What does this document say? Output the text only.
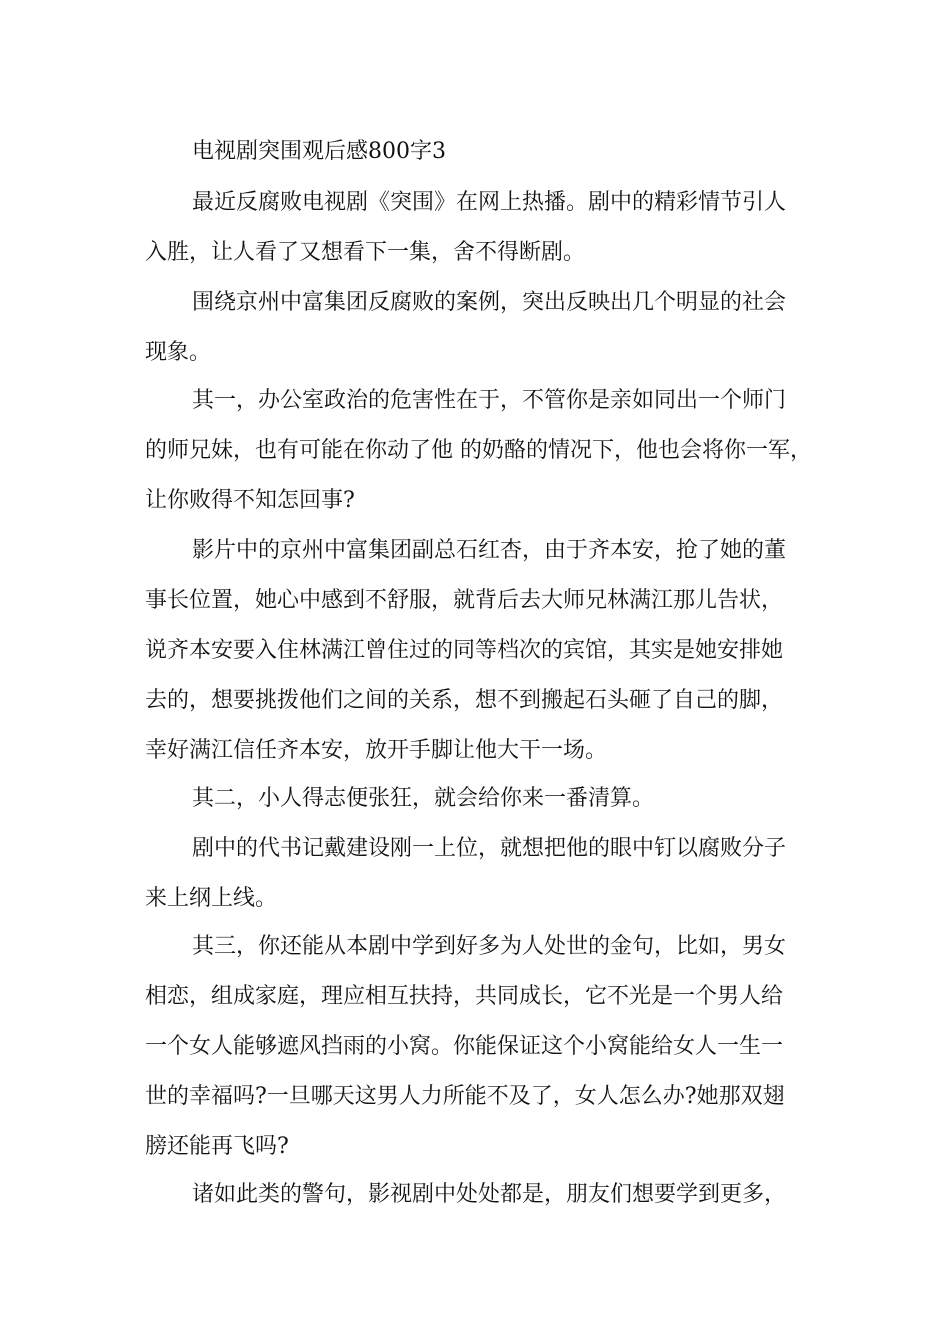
电视剧突围观后感800字3
最近反腐败电视剧《突围》在网上热播。剧中的精彩情节引人
入胜，让人看了又想看下一集，舍不得断剧。
围绕京州中富集团反腐败的案例，突出反映出几个明显的社会
现象。
其一，办公室政治的危害性在于，不管你是亲如同出一个师门
的师兄妹，也有可能在你动了他 的奶酪的情况下，他也会将你一军，
让你败得不知怎回事?
影片中的京州中富集团副总石红杏，由于齐本安，抢了她的董
事长位置，她心中感到不舒服，就背后去大师兄林满江那儿告状，
说齐本安要入住林满江曾住过的同等档次的宾馆，其实是她安排她
去的，想要挑拨他们之间的关系，想不到搬起石头砸了自己的脚，
幸好满江信任齐本安，放开手脚让他大干一场。
其二，小人得志便张狂，就会给你来一番清算。
剧中的代书记戴建设刚一上位，就想把他的眼中钉以腐败分子
来上纲上线。
其三，你还能从本剧中学到好多为人处世的金句，比如，男女
相恋，组成家庭，理应相互扶持，共同成长，它不光是一个男人给
一个女人能够遮风挡雨的小窝。你能保证这个小窝能给女人一生一
世的幸福吗?一旦哪天这男人力所能不及了，女人怎么办?她那双翅
膀还能再飞吗?
诸如此类的警句，影视剧中处处都是，朋友们想要学到更多，
